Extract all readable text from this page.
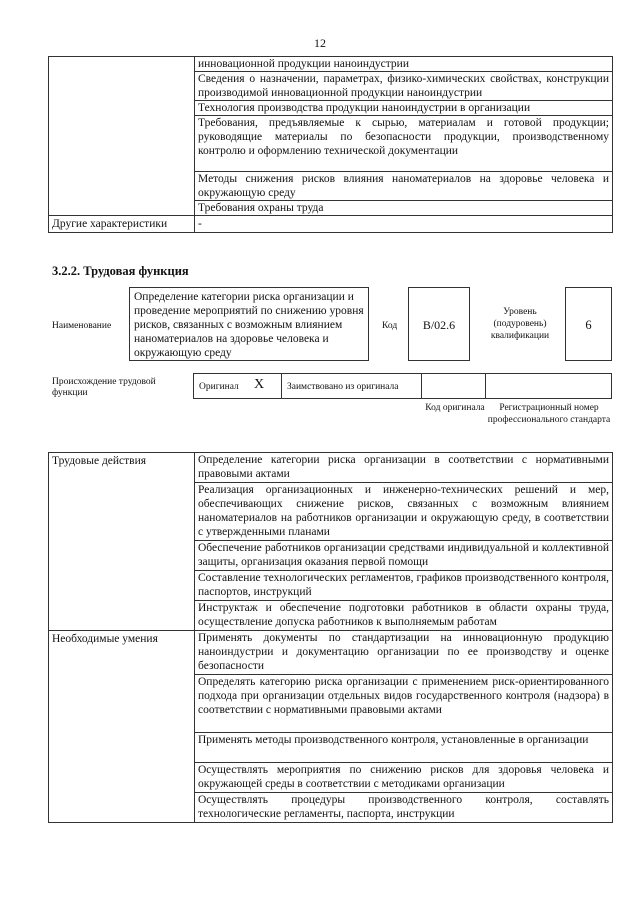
12

	инновационной продукции наноиндустрии

	Сведения о назначении, параметрах, физико-химических свойствах, конструкции производимой инновационной продукции наноиндустрии

	Технология производства продукции наноиндустрии в организации

	Требования, предъявляемые к сырью, материалам и готовой продукции; руководящие материалы по безопасности продукции, производственному контролю и оформлению технической документации

	Методы снижения рисков влияния наноматериалов на здоровье человека и окружающую среду

	Требования охраны труда

Другие характеристики	-
3.2.2. Трудовая функция
Наименование
Определение категории риска организации и проведение мероприятий по снижению уровня рисков, связанных с возможным влиянием наноматериалов на здоровье человека и окружающую среду
Код	B/02.6
Уровень (подуровень) квалификации
6
Происхождение трудовой функции
Оригинал X Заимствовано из оригинала
Код оригинала	Регистрационный номер профессионального стандарта
Трудовые действия	Определение категории риска организации в соответствии с нормативными правовыми актами

	Реализация организационных и инженерно-технических решений и мер, обеспечивающих снижение рисков, связанных с возможным влиянием наноматериалов на работников организации и окружающую среду, в соответствии с утвержденными планами

	Обеспечение работников организации средствами индивидуальной и коллективной защиты, организация оказания первой помощи

	Составление технологических регламентов, графиков производственного контроля, паспортов, инструкций

	Инструктаж и обеспечение подготовки работников в области охраны труда, осуществление допуска работников к выполняемым работам

Необходимые умения	Применять документы по стандартизации на инновационную продукцию наноиндустрии и документацию организации по ее производству и оценке безопасности

	Определять категорию риска организации с применением риск-ориентированного подхода при организации отдельных видов государственного контроля (надзора) в соответствии с нормативными правовыми актами

	Применять методы производственного контроля, установленные в организации

	Осуществлять мероприятия по снижению рисков для здоровья человека и окружающей среды в соответствии с методиками организации

	Осуществлять процедуры производственного контроля, составлять технологические регламенты, паспорта, инструкции
